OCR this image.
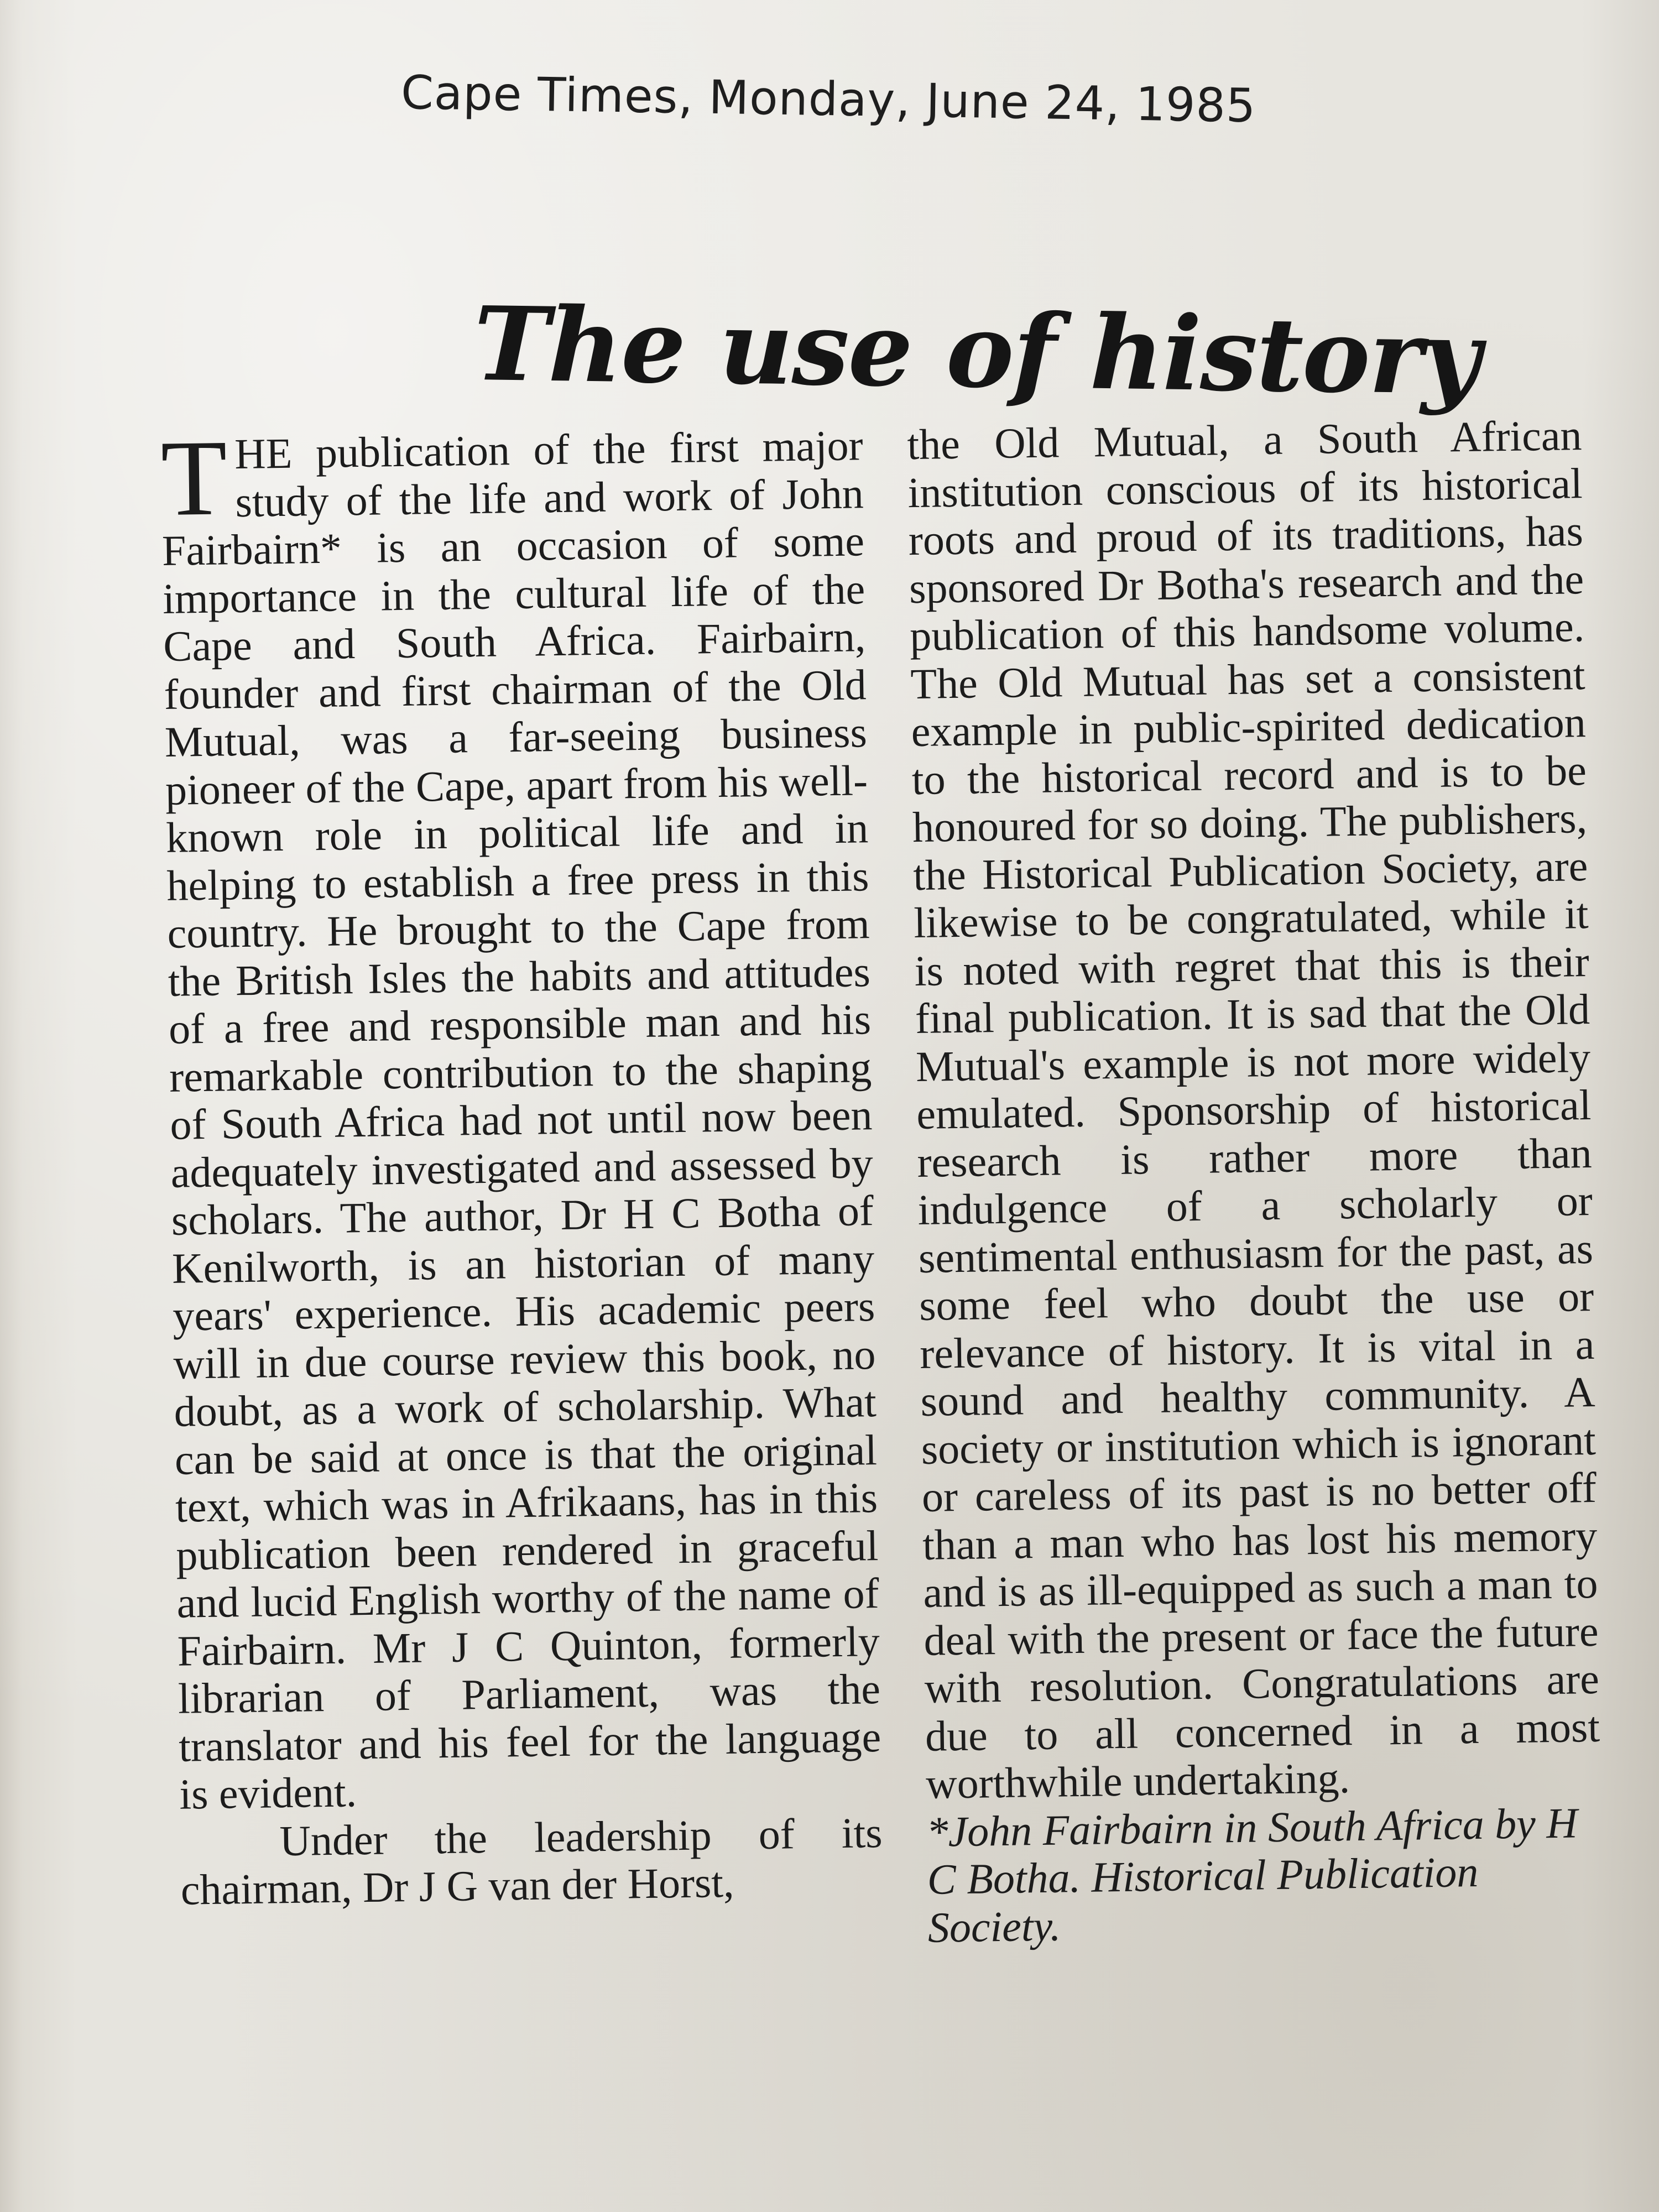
Cape Times, Monday, June 24, 1985
The use of history

THE publication of the first major study of the life and work of John Fairbairn* is an occasion of some importance in the cultural life of the Cape and South Africa. Fairbairn, founder and first chairman of the Old Mutual, was a far-seeing business pioneer of the Cape, apart from his well-known role in political life and in helping to establish a free press in this country. He brought to the Cape from the British Isles the habits and attitudes of a free and responsible man and his remarkable contribution to the shaping of South Africa had not until now been adequately investigated and assessed by scholars. The author, Dr H C Botha of Kenilworth, is an historian of many years' experience. His academic peers will in due course review this book, no doubt, as a work of scholarship. What can be said at once is that the original text, which was in Afrikaans, has in this publication been rendered in graceful and lucid English worthy of the name of Fairbairn. Mr J C Quinton, formerly librarian of Parliament, was the translator and his feel for the language is evident.

Under the leadership of its chairman, Dr J G van der Horst,

the Old Mutual, a South African institution conscious of its historical roots and proud of its traditions, has sponsored Dr Botha's research and the publication of this handsome volume. The Old Mutual has set a consistent example in public-spirited dedication to the historical record and is to be honoured for so doing. The publishers, the Historical Publication Society, are likewise to be congratulated, while it is noted with regret that this is their final publication. It is sad that the Old Mutual's example is not more widely emulated. Sponsorship of historical research is rather more than indulgence of a scholarly or sentimental enthusiasm for the past, as some feel who doubt the use or relevance of history. It is vital in a sound and healthy community. A society or institution which is ignorant or careless of its past is no better off than a man who has lost his memory and is as ill-equipped as such a man to deal with the present or face the future with resolution. Congratulations are due to all concerned in a most worthwhile undertaking.

*John Fairbairn in South Africa by H C Botha. Historical Publication Society.
